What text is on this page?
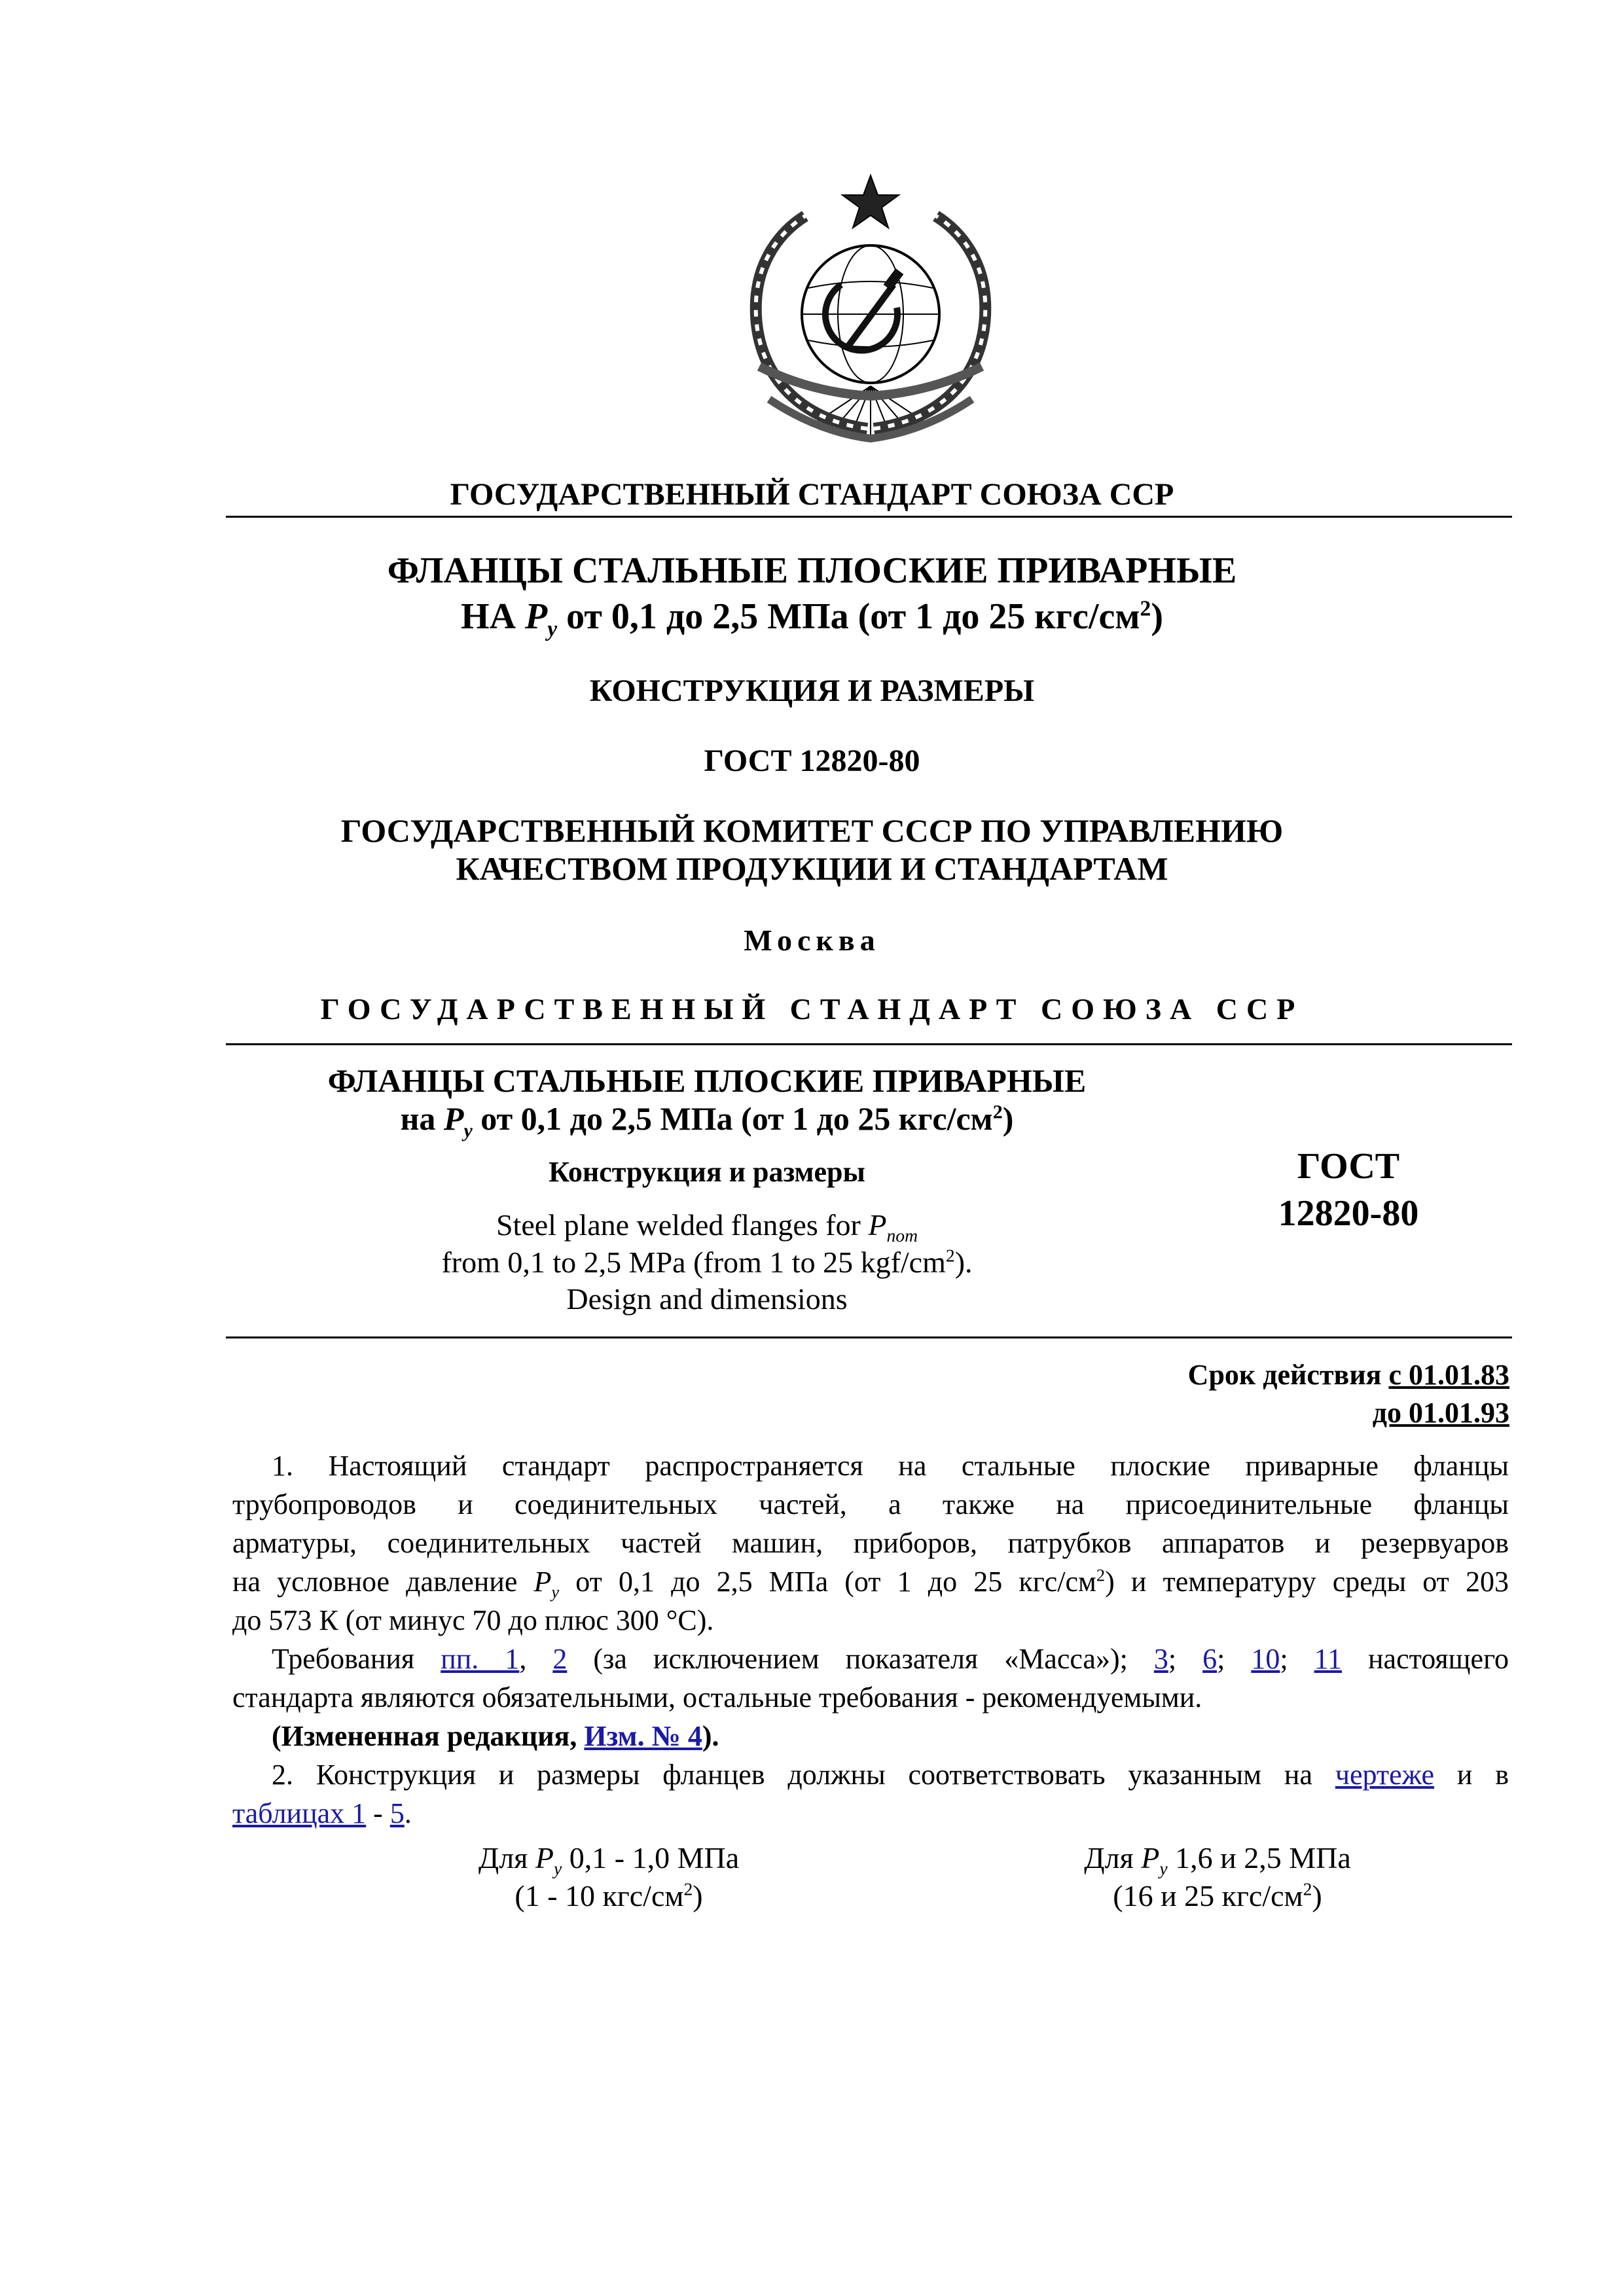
ГОСУДАРСТВЕННЫЙ СТАНДАРТ СОЮЗА ССР
ФЛАНЦЫ СТАЛЬНЫЕ ПЛОСКИЕ ПРИВАРНЫЕ
НА $P_y$ от 0,1 до 2,5 МПа (от 1 до 25 кгс/$см^2$)
КОНСТРУКЦИЯ И РАЗМЕРЫ
ГОСТ 12820-80
ГОСУДАРСТВЕННЫЙ КОМИТЕТ СССР ПО УПРАВЛЕНИЮ
КАЧЕСТВОМ ПРОДУКЦИИ И СТАНДАРТАМ
Москва
ГОСУДАРСТВЕННЫЙ СТАНДАРТ СОЮЗА ССР
ФЛАНЦЫ СТАЛЬНЫЕ ПЛОСКИЕ ПРИВАРНЫЕ
на $P_y$ от 0,1 до 2,5 МПа (от 1 до 25 кгс/$см^2$)
Конструкция и размеры
Steel plane welded flanges for $P_{nom}$
from 0,1 to 2,5 MPa (from 1 to 25 kgf/$cm^2$).
Design and dimensions
ГОСТ
12820-80
Срок действия с 01.01.83
до 01.01.93
1. Настоящий стандарт распространяется на стальные плоские приварные фланцы
трубопроводов и соединительных частей, а также на присоединительные фланцы
арматуры, соединительных частей машин, приборов, патрубков аппаратов и резервуаров
на условное давление $P_y$ от 0,1 до 2,5 МПа (от 1 до 25 кгс/$см^2$) и температуру среды от 203
до 573 К (от минус 70 до плюс 300 °С).
Требования пп. 1, 2 (за исключением показателя «Масса»); 3; 6; 10; 11 настоящего
стандарта являются обязательными, остальные требования - рекомендуемыми.
(Измененная редакция, Изм. № 4).
2. Конструкция и размеры фланцев должны соответствовать указанным на чертеже и в
таблицах 1 - 5.
Для $P_y$ 0,1 - 1,0 МПа
(1 - 10 кгс/$см^2$)
Для $P_y$ 1,6 и 2,5 МПа
(16 и 25 кгс/$см^2$)
